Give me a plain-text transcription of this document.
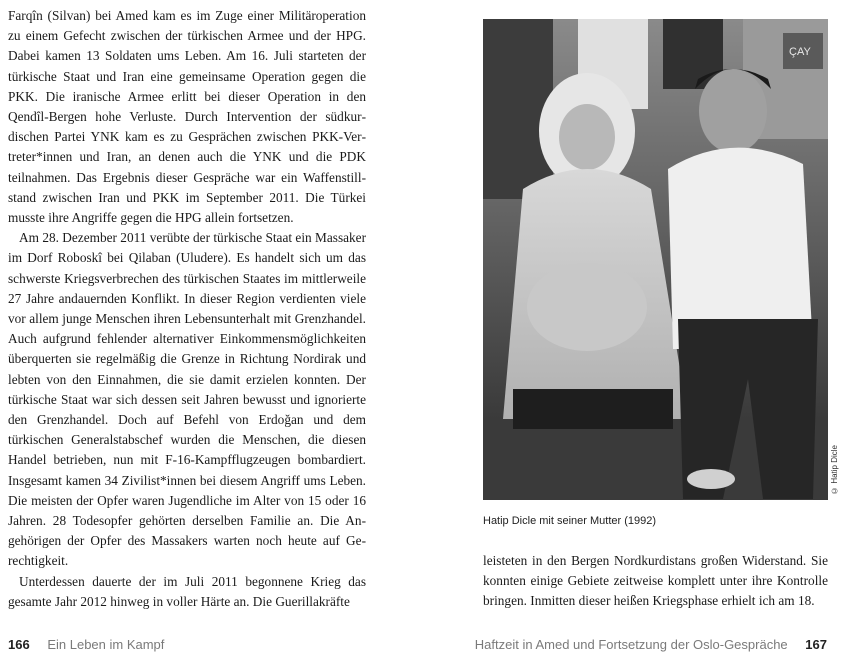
Farqîn (Silvan) bei Amed kam es im Zuge einer Militäroperation zu einem Gefecht zwischen der türkischen Armee und der HPG. Dabei kamen 13 Soldaten ums Leben. Am 16. Juli starteten der türkische Staat und Iran eine gemeinsame Operation gegen die PKK. Die iranische Armee erlitt bei dieser Operation in den Qendîl-Bergen hohe Verluste. Durch Intervention der südkurdischen Partei YNK kam es zu Gesprächen zwischen PKK-Vertreter*innen und Iran, an denen auch die YNK und die PDK teilnahmen. Das Ergebnis dieser Gespräche war ein Waffenstillstand zwischen Iran und PKK im September 2011. Die Türkei musste ihre Angriffe gegen die HPG allein fortsetzen.

Am 28. Dezember 2011 verübte der türkische Staat ein Massaker im Dorf Roboskî bei Qilaban (Uludere). Es handelt sich um das schwerste Kriegsverbrechen des türkischen Staates im mittlerweile 27 Jahre andauernden Konflikt. In dieser Region verdienten viele vor allem junge Menschen ihren Lebensunterhalt mit Grenzhandel. Auch aufgrund fehlender alternativer Einkommensmöglichkeiten überquerten sie regelmäßig die Grenze in Richtung Nordirak und lebten von den Einnahmen, die sie damit erzielen konnten. Der türkische Staat war sich dessen seit Jahren bewusst und ignorierte den Grenzhandel. Doch auf Befehl von Erdoğan und dem türkischen Generalstabschef wurden die Menschen, die diesen Handel betrieben, nun mit F-16-Kampfflugzeugen bombardiert. Insgesamt kamen 34 Zivilist*innen bei diesem Angriff ums Leben. Die meisten der Opfer waren Jugendliche im Alter von 15 oder 16 Jahren. 28 Todesopfer gehörten derselben Familie an. Die Angehörigen der Opfer des Massakers warten noch heute auf Gerechtigkeit.

Unterdessen dauerte der im Juli 2011 begonnene Krieg das gesamte Jahr 2012 hinweg in voller Härte an. Die Guerillakräfte

166 Ein Leben im Kampf
ÇAY
© Hatip Dicle
Hatip Dicle mit seiner Mutter (1992)

leisteten in den Bergen Nordkurdistans großen Widerstand. Sie konnten einige Gebiete zeitweise komplett unter ihre Kontrolle bringen. Inmitten dieser heißen Kriegsphase erhielt ich am 18.

Haftzeit in Amed und Fortsetzung der Oslo-Gespräche 167
